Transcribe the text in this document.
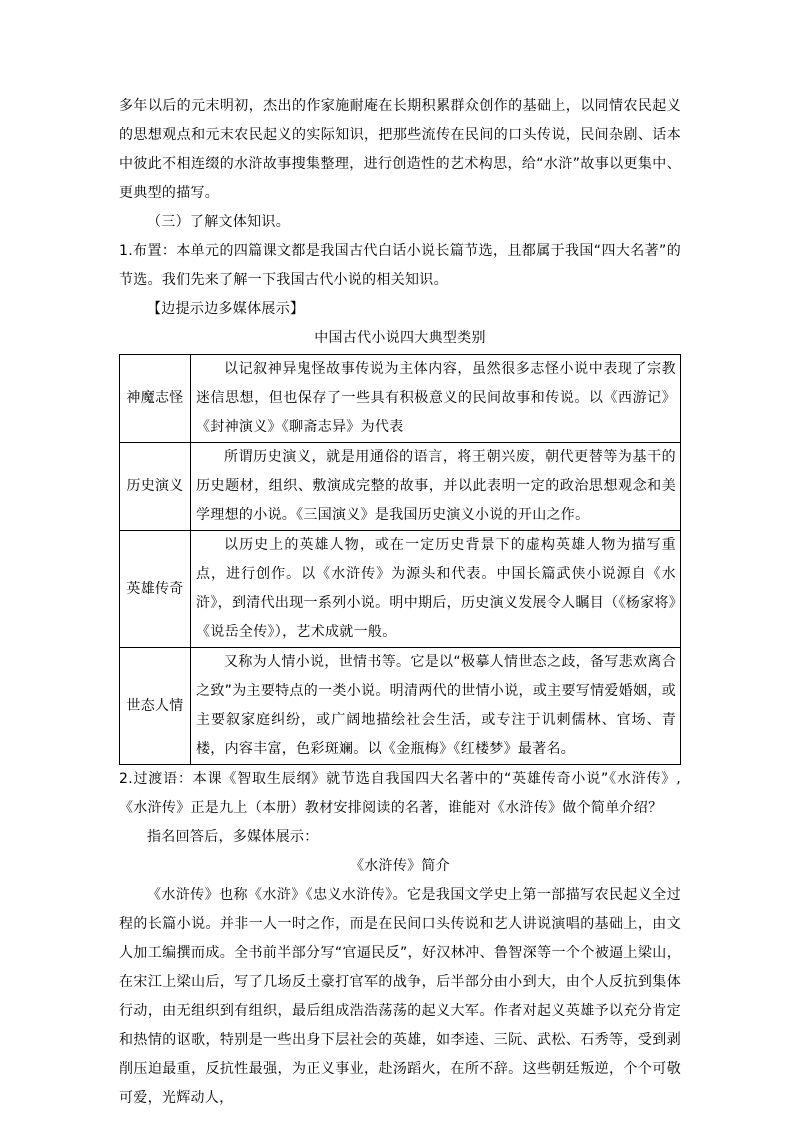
多年以后的元末明初，杰出的作家施耐庵在长期积累群众创作的基础上，以同情农民起义的思想观点和元末农民起义的实际知识，把那些流传在民间的口头传说，民间杂剧、话本中彼此不相连缀的水浒故事搜集整理，进行创造性的艺术构思，给“水浒”故事以更集中、更典型的描写。

（三）了解文体知识。

1.布置：本单元的四篇课文都是我国古代白话小说长篇节选，且都属于我国“四大名著”的节选。我们先来了解一下我国古代小说的相关知识。

【边提示边多媒体展示】

中国古代小说四大典型类别

神魔志怪	以记叙神异鬼怪故事传说为主体内容，虽然很多志怪小说中表现了宗教迷信思想，但也保存了一些具有积极意义的民间故事和传说。以《西游记》《封神演义》《聊斋志异》为代表
历史演义	所谓历史演义，就是用通俗的语言，将王朝兴废，朝代更替等为基干的历史题材，组织、敷演成完整的故事，并以此表明一定的政治思想观念和美学理想的小说。《三国演义》是我国历史演义小说的开山之作。
英雄传奇	以历史上的英雄人物，或在一定历史背景下的虚构英雄人物为描写重点，进行创作。以《水浒传》为源头和代表。中国长篇武侠小说源自《水浒》，到清代出现一系列小说。明中期后，历史演义发展令人瞩目（《杨家将》《说岳全传》），艺术成就一般。
世态人情	又称为人情小说，世情书等。它是以“极摹人情世态之歧，备写悲欢离合之致”为主要特点的一类小说。明清两代的世情小说，或主要写情爱婚姻，或主要叙家庭纠纷，或广阔地描绘社会生活，或专注于讥刺儒林、官场、青楼，内容丰富，色彩斑斓。以《金瓶梅》《红楼梦》最著名。

2.过渡语：本课《智取生辰纲》就节选自我国四大名著中的“英雄传奇小说”《水浒传》,《水浒传》正是九上（本册）教材安排阅读的名著，谁能对《水浒传》做个简单介绍？

指名回答后，多媒体展示：

《水浒传》简介

《水浒传》也称《水浒》《忠义水浒传》。它是我国文学史上第一部描写农民起义全过程的长篇小说。并非一人一时之作，而是在民间口头传说和艺人讲说演唱的基础上，由文人加工编撰而成。全书前半部分写“官逼民反”，好汉林冲、鲁智深等一个个被逼上梁山，在宋江上梁山后，写了几场反土豪打官军的战争，后半部分由小到大，由个人反抗到集体行动，由无组织到有组织，最后组成浩浩荡荡的起义大军。作者对起义英雄予以充分肯定和热情的讴歌，特别是一些出身下层社会的英雄，如李逵、三阮、武松、石秀等，受到剥削压迫最重，反抗性最强，为正义事业，赴汤蹈火，在所不辞。这些朝廷叛逆，个个可敬可爱，光辉动人，
